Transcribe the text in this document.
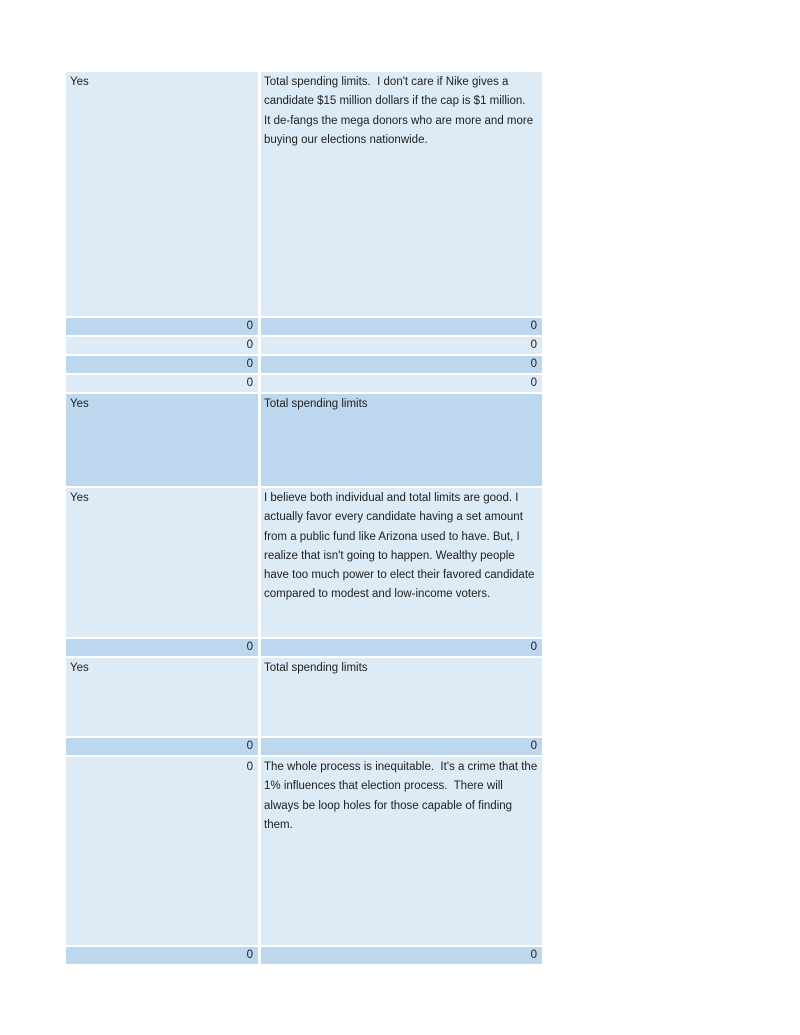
Yes	Total spending limits.  I don't care if Nike gives a candidate $15 million dollars if the cap is $1 million.  It de-fangs the mega donors who are more and more buying our elections nationwide.
0	0
0	0
0	0
0	0
Yes	Total spending limits
Yes	I believe both individual and total limits are good. I actually favor every candidate having a set amount from a public fund like Arizona used to have. But, I realize that isn't going to happen. Wealthy people have too much power to elect their favored candidate compared to modest and low-income voters.
0	0
Yes	Total spending limits
0	0
0 The whole process is inequitable.  It's a crime that the 1% influences that election process.  There will always be loop holes for those capable of finding them.
0	0
